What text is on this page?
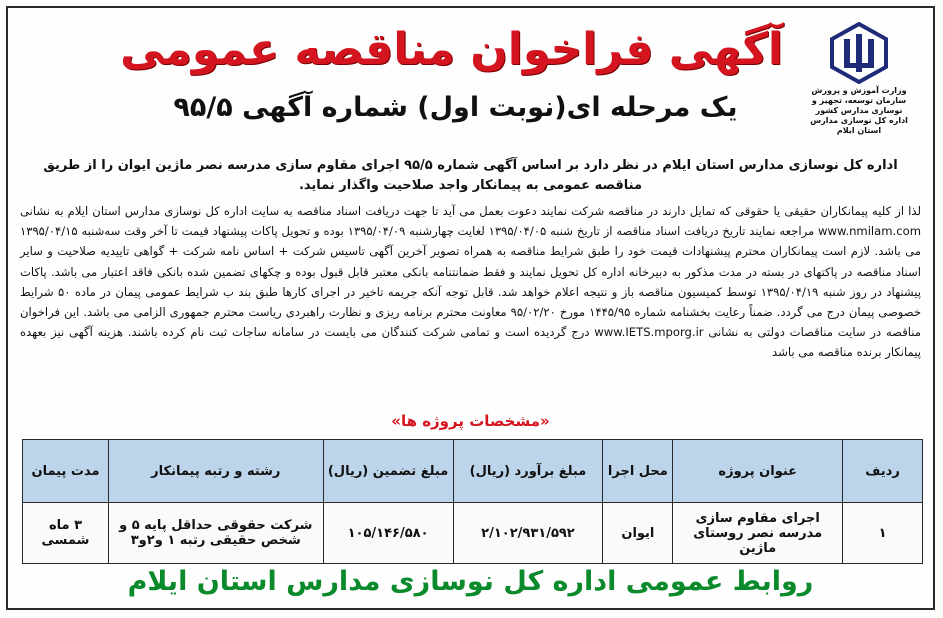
وزارت آموزش و پرورش
سازمان توسعه، تجهیز و نوسازی مدارس کشور
اداره کل نوسازی مدارس
استان ایلام
آگهی فراخوان مناقصه عمومی
یک مرحله ای(نوبت اول) شماره آگهی ۹۵/۵
اداره کل نوسازی مدارس استان ایلام در نظر دارد بر اساس آگهی شماره ۹۵/۵ اجرای مقاوم سازی مدرسه نصر ماژین ایوان را از طریق مناقصه عمومی به پیمانکار واجد صلاحیت واگذار نماید.

لذا از کلیه پیمانکاران حقیقی یا حقوقی که تمایل دارند در مناقصه شرکت نمایند دعوت بعمل می آید تا جهت دریافت اسناد مناقصه به سایت اداره کل نوسازی مدارس استان ایلام به نشانی www.nmilam.com مراجعه نمایند تاریخ دریافت اسناد مناقصه از تاریخ شنبه ۱۳۹۵/۰۴/۰۵ لغایت چهارشنبه ۱۳۹۵/۰۴/۰۹ بوده و تحویل پاکات پیشنهاد قیمت تا آخر وقت سه‌شنبه ۱۳۹۵/۰۴/۱۵ می باشد. لازم است پیمانکاران محترم پیشنهادات قیمت خود را طبق شرایط مناقصه به همراه تصویر آخرین آگهی تاسیس شرکت + اساس نامه شرکت + گواهی تاییدیه صلاحیت و سایر اسناد مناقصه در پاکتهای در بسته در مدت مذکور به دبیرخانه اداره کل تحویل نمایند و فقط ضمانتنامه بانکی معتبر قابل قبول بوده و چکهای تضمین شده بانکی فاقد اعتبار می باشد. پاکات پیشنهاد در روز شنبه ۱۳۹۵/۰۴/۱۹ توسط کمیسیون مناقصه باز و نتیجه اعلام خواهد شد. قابل توجه آنکه جریمه تاخیر در اجرای کارها طبق بند ب شرایط عمومی پیمان در ماده ۵۰ شرایط خصوصی پیمان درج می گردد. ضمناً رعایت بخشنامه شماره ۱۴۴۵/۹۵ مورخ ۹۵/۰۲/۲۰ معاونت محترم برنامه ریزی و نظارت راهبردی ریاست محترم جمهوری الزامی می باشد. این فراخوان مناقصه در سایت مناقصات دولتی به نشانی www.IETS.mporg.ir درج گردیده است و تمامی شرکت کنندگان می بایست در سامانه ساجات ثبت نام کرده باشند. هزینه آگهی نیز بعهده پیمانکار برنده مناقصه می باشد

«مشخصات پروژه ها»
ردیف	عنوان پروژه	محل اجرا	مبلغ برآورد (ریال)	مبلغ تضمین (ریال)	رشته و رتبه پیمانکار	مدت پیمان
۱	اجرای مقاوم سازی مدرسه نصر روستای ماژین	ایوان	۲/۱۰۲/۹۳۱/۵۹۲	۱۰۵/۱۴۶/۵۸۰	شرکت حقوقی حداقل پایه ۵ و شخص حقیقی رتبه ۱ و۲و۳	۳ ماه شمسی
روابط عمومی اداره کل نوسازی مدارس استان ایلام
